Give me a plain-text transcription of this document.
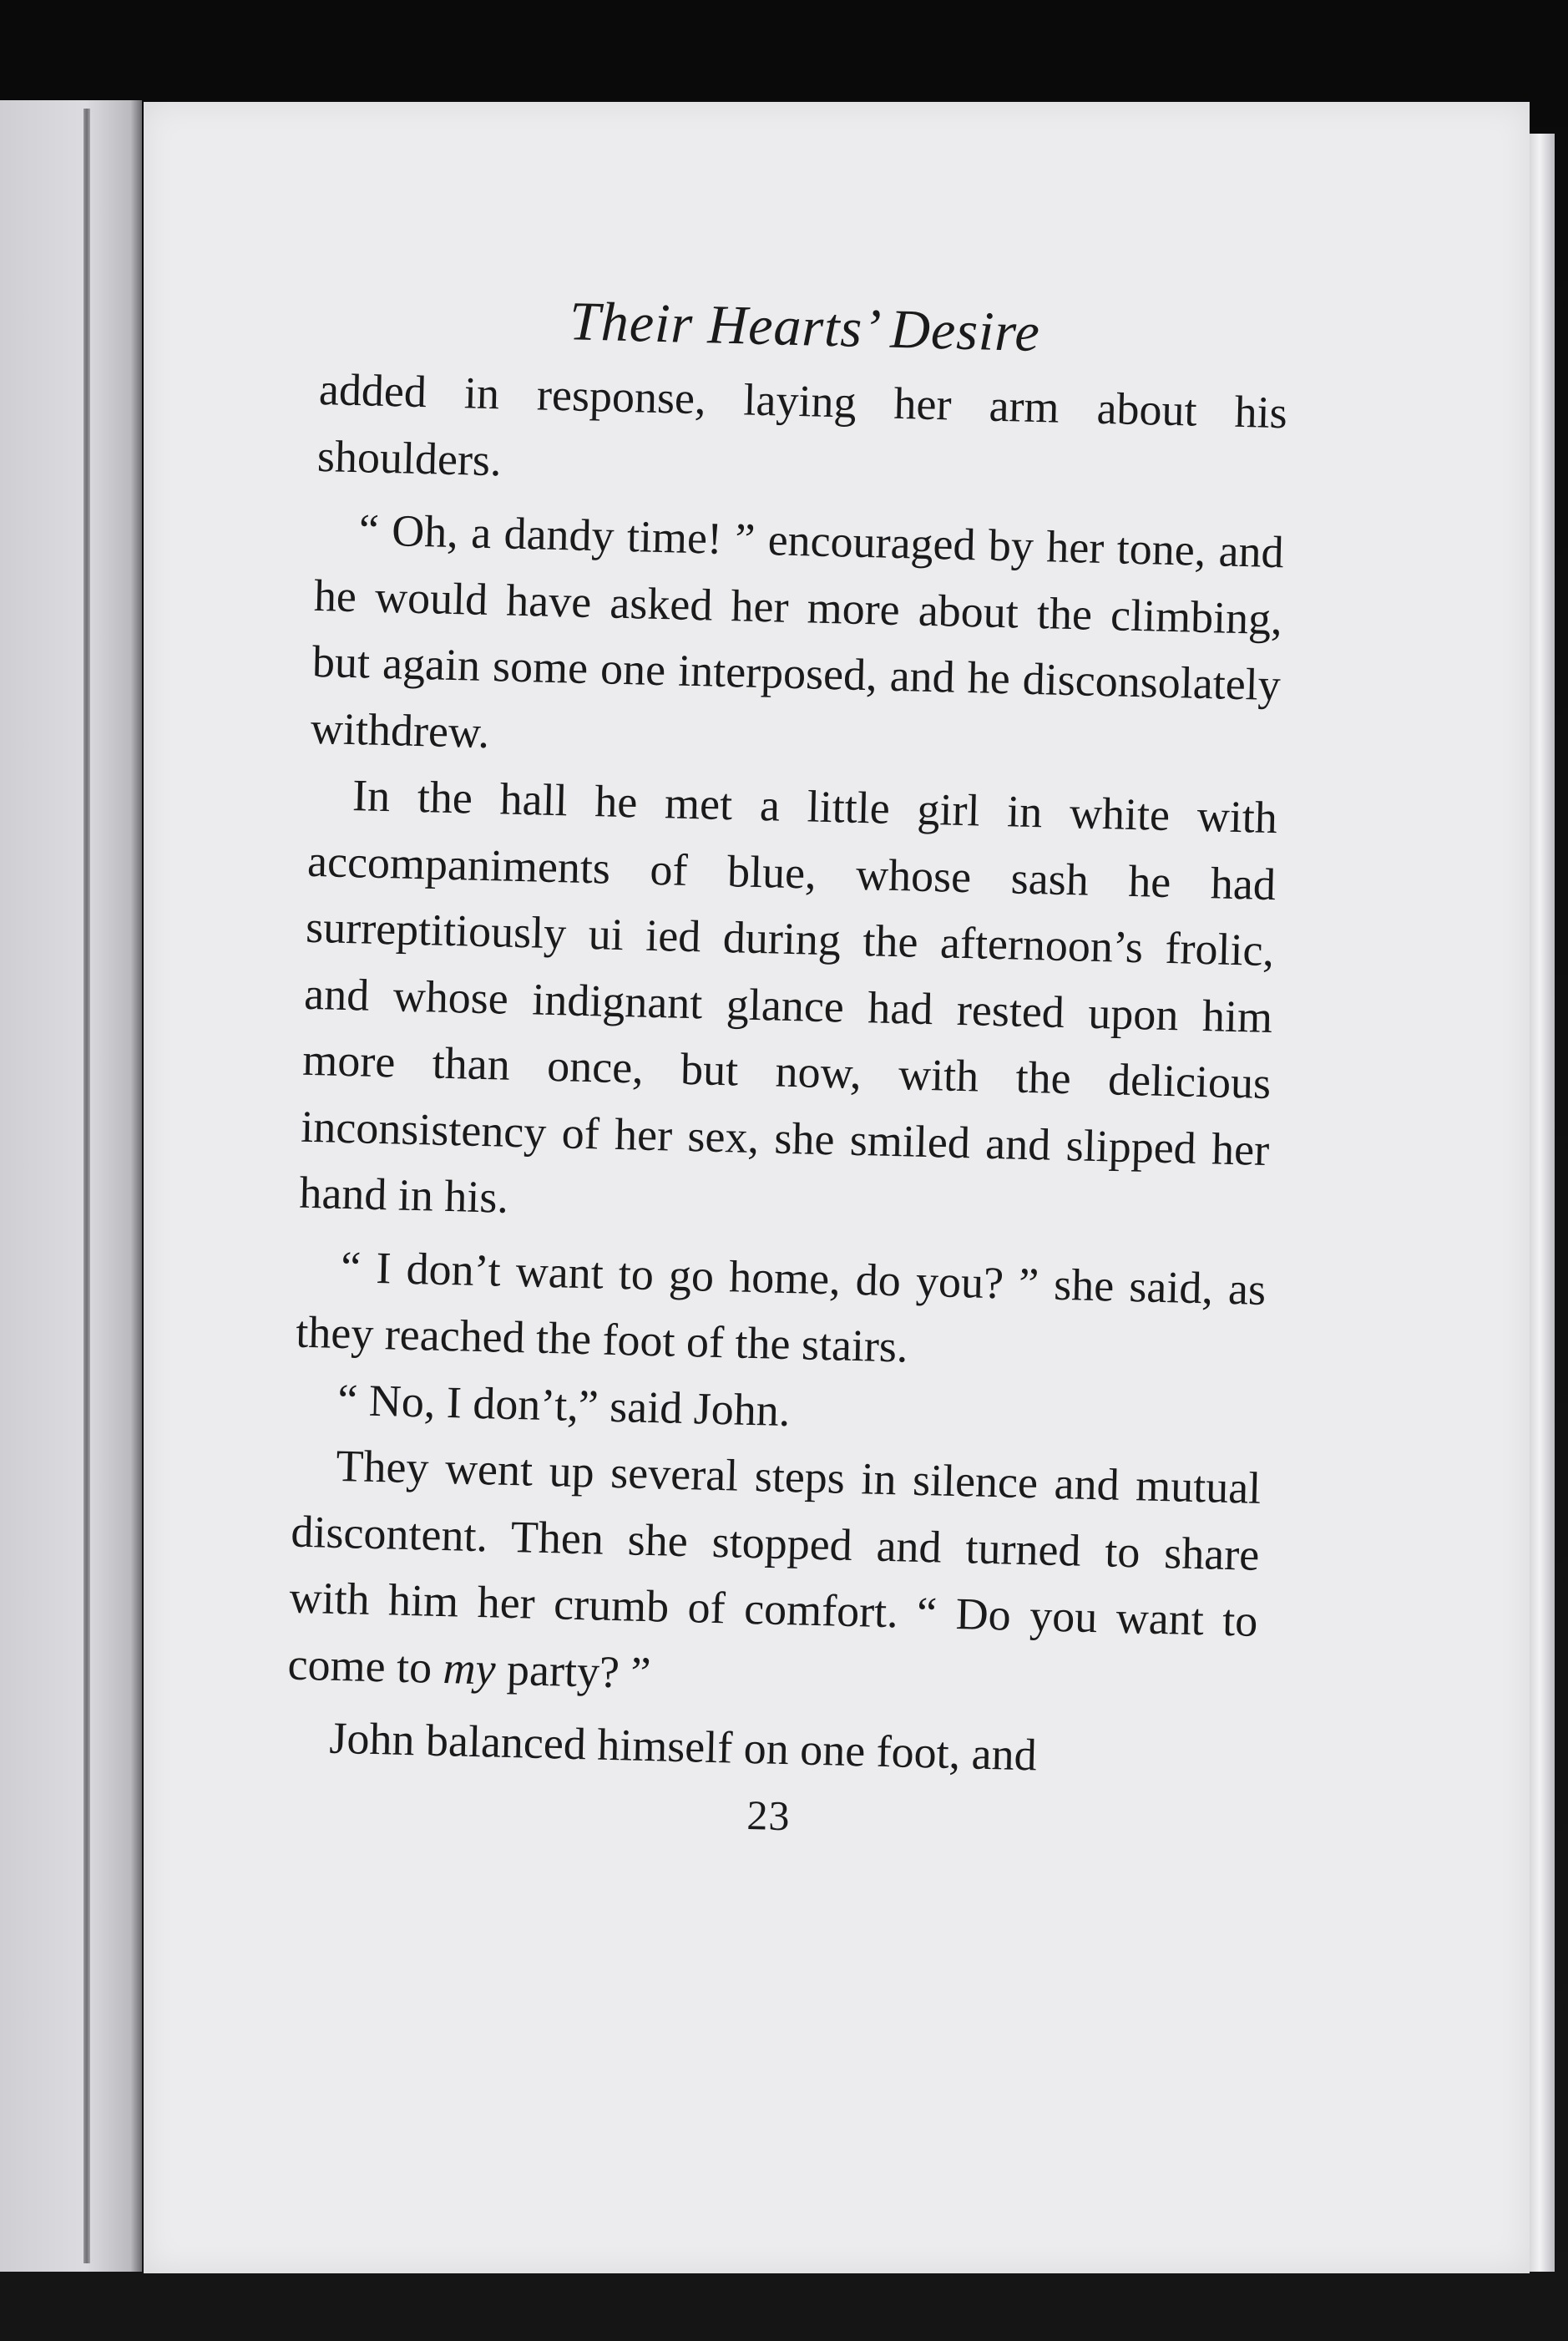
Their Hearts’ Desire

added in response, laying her arm about his shoulders.

“ Oh, a dandy time! ” encouraged by her tone, and he would have asked her more about the climbing, but again some one interposed, and he disconsolately withdrew.

In the hall he met a little girl in white with accompaniments of blue, whose sash he had surreptitiously ui ied during the afternoon’s frolic, and whose indignant glance had rested upon him more than once, but now, with the delicious inconsistency of her sex, she smiled and slipped her hand in his.

“ I don’t want to go home, do you? ” she said, as they reached the foot of the stairs.

“ No, I don’t,” said John.

They went up several steps in silence and mutual discontent. Then she stopped and turned to share with him her crumb of comfort. “ Do you want to come to my party? ”

John balanced himself on one foot, and

23
